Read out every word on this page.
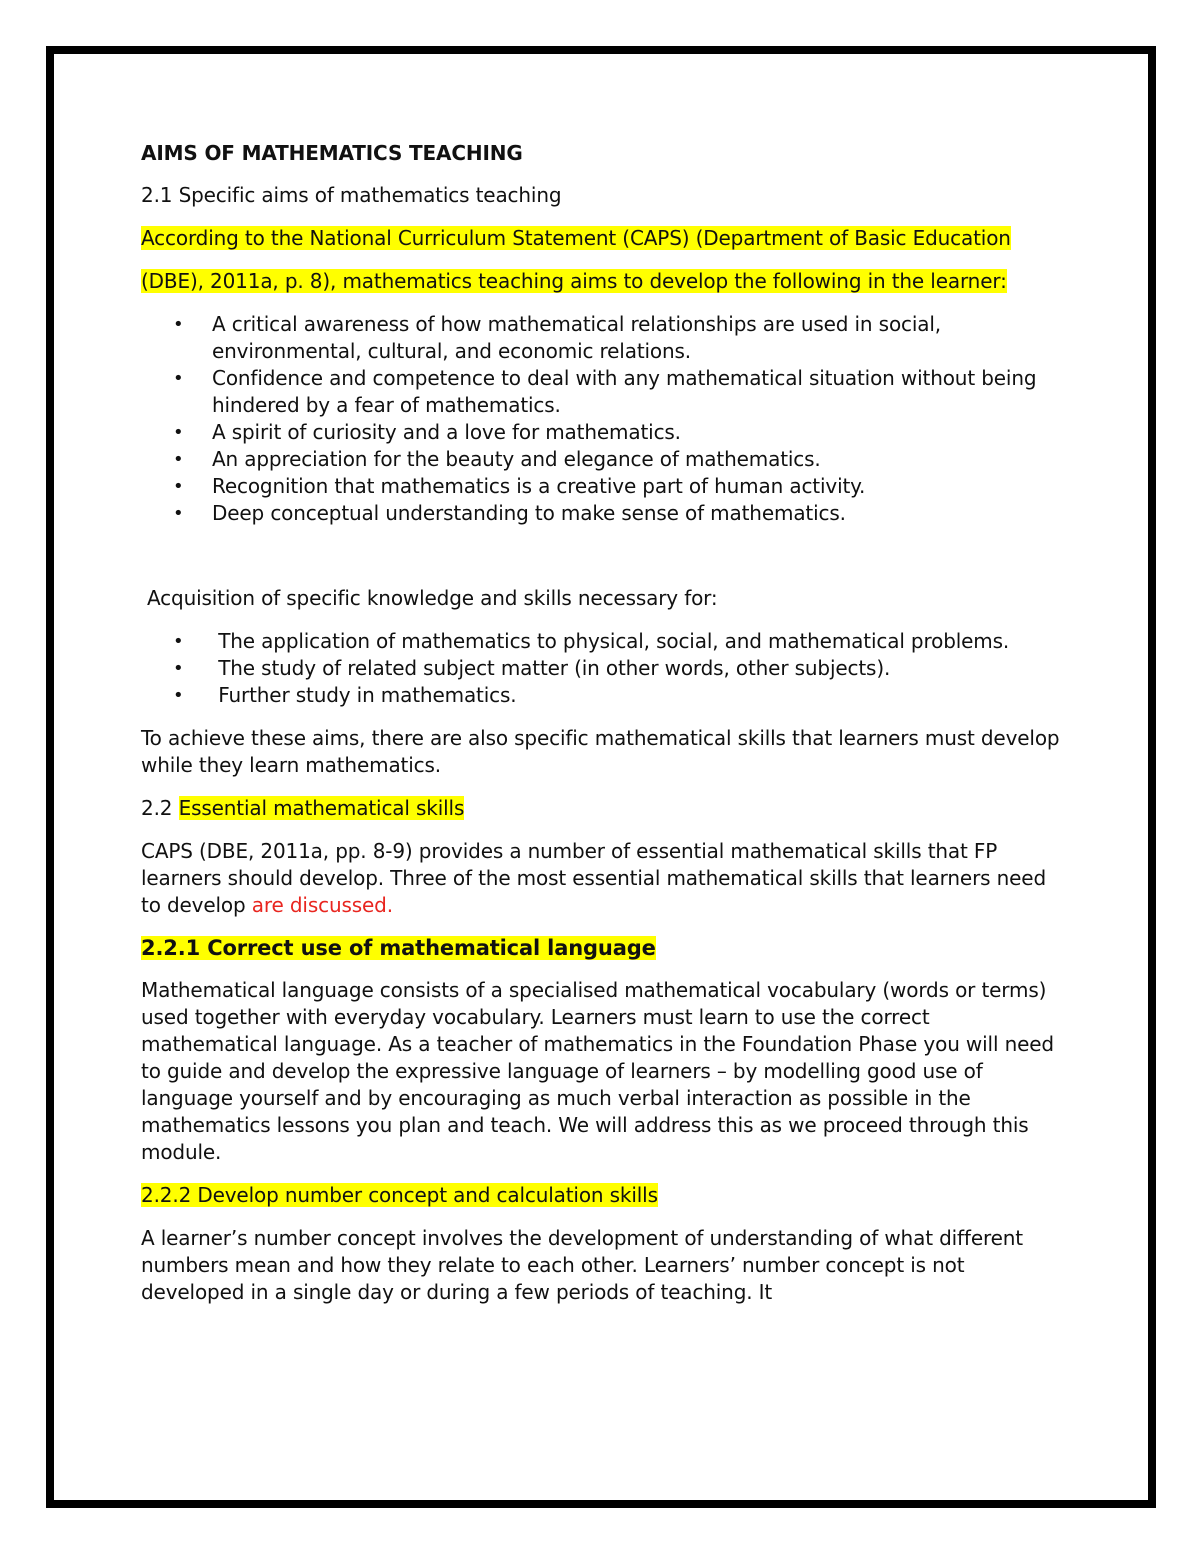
AIMS OF MATHEMATICS TEACHING

2.1 Specific aims of mathematics teaching

According to the National Curriculum Statement (CAPS) (Department of Basic Education

(DBE), 2011a, p. 8), mathematics teaching aims to develop the following in the learner:

• A critical awareness of how mathematical relationships are used in social, environmental, cultural, and economic relations.
• Confidence and competence to deal with any mathematical situation without being hindered by a fear of mathematics.
• A spirit of curiosity and a love for mathematics.
• An appreciation for the beauty and elegance of mathematics.
• Recognition that mathematics is a creative part of human activity.
• Deep conceptual understanding to make sense of mathematics.

Acquisition of specific knowledge and skills necessary for:

• The application of mathematics to physical, social, and mathematical problems.
• The study of related subject matter (in other words, other subjects).
• Further study in mathematics.

To achieve these aims, there are also specific mathematical skills that learners must develop while they learn mathematics.

2.2 Essential mathematical skills

CAPS (DBE, 2011a, pp. 8-9) provides a number of essential mathematical skills that FP learners should develop. Three of the most essential mathematical skills that learners need to develop are discussed.

2.2.1 Correct use of mathematical language

Mathematical language consists of a specialised mathematical vocabulary (words or terms) used together with everyday vocabulary. Learners must learn to use the correct mathematical language. As a teacher of mathematics in the Foundation Phase you will need to guide and develop the expressive language of learners – by modelling good use of language yourself and by encouraging as much verbal interaction as possible in the mathematics lessons you plan and teach. We will address this as we proceed through this module.

2.2.2 Develop number concept and calculation skills

A learner’s number concept involves the development of understanding of what different numbers mean and how they relate to each other. Learners’ number concept is not developed in a single day or during a few periods of teaching. It
